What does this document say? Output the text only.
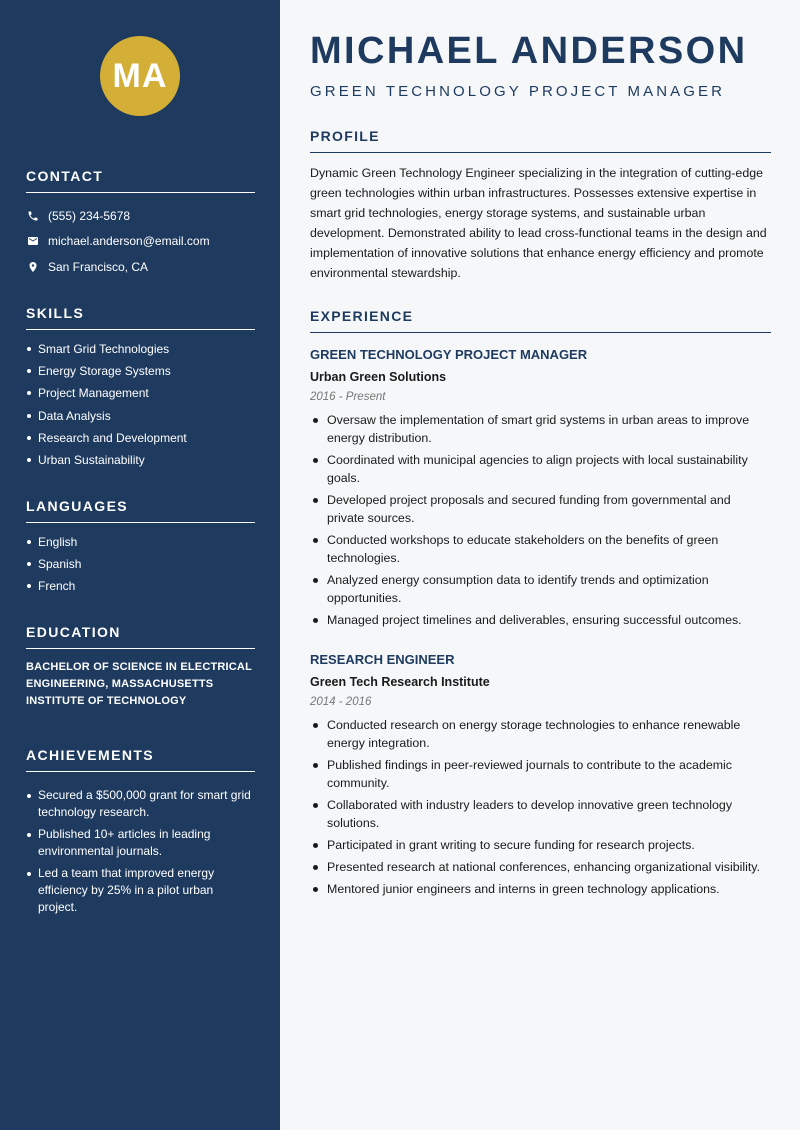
MA
CONTACT
(555) 234-5678
michael.anderson@email.com
San Francisco, CA
SKILLS
Smart Grid Technologies
Energy Storage Systems
Project Management
Data Analysis
Research and Development
Urban Sustainability
LANGUAGES
English
Spanish
French
EDUCATION
BACHELOR OF SCIENCE IN ELECTRICAL ENGINEERING, MASSACHUSETTS INSTITUTE OF TECHNOLOGY
ACHIEVEMENTS
Secured a $500,000 grant for smart grid technology research.
Published 10+ articles in leading environmental journals.
Led a team that improved energy efficiency by 25% in a pilot urban project.
MICHAEL ANDERSON
GREEN TECHNOLOGY PROJECT MANAGER
PROFILE
Dynamic Green Technology Engineer specializing in the integration of cutting-edge green technologies within urban infrastructures. Possesses extensive expertise in smart grid technologies, energy storage systems, and sustainable urban development. Demonstrated ability to lead cross-functional teams in the design and implementation of innovative solutions that enhance energy efficiency and promote environmental stewardship.
EXPERIENCE
GREEN TECHNOLOGY PROJECT MANAGER
Urban Green Solutions
2016 - Present
Oversaw the implementation of smart grid systems in urban areas to improve energy distribution.
Coordinated with municipal agencies to align projects with local sustainability goals.
Developed project proposals and secured funding from governmental and private sources.
Conducted workshops to educate stakeholders on the benefits of green technologies.
Analyzed energy consumption data to identify trends and optimization opportunities.
Managed project timelines and deliverables, ensuring successful outcomes.
RESEARCH ENGINEER
Green Tech Research Institute
2014 - 2016
Conducted research on energy storage technologies to enhance renewable energy integration.
Published findings in peer-reviewed journals to contribute to the academic community.
Collaborated with industry leaders to develop innovative green technology solutions.
Participated in grant writing to secure funding for research projects.
Presented research at national conferences, enhancing organizational visibility.
Mentored junior engineers and interns in green technology applications.
